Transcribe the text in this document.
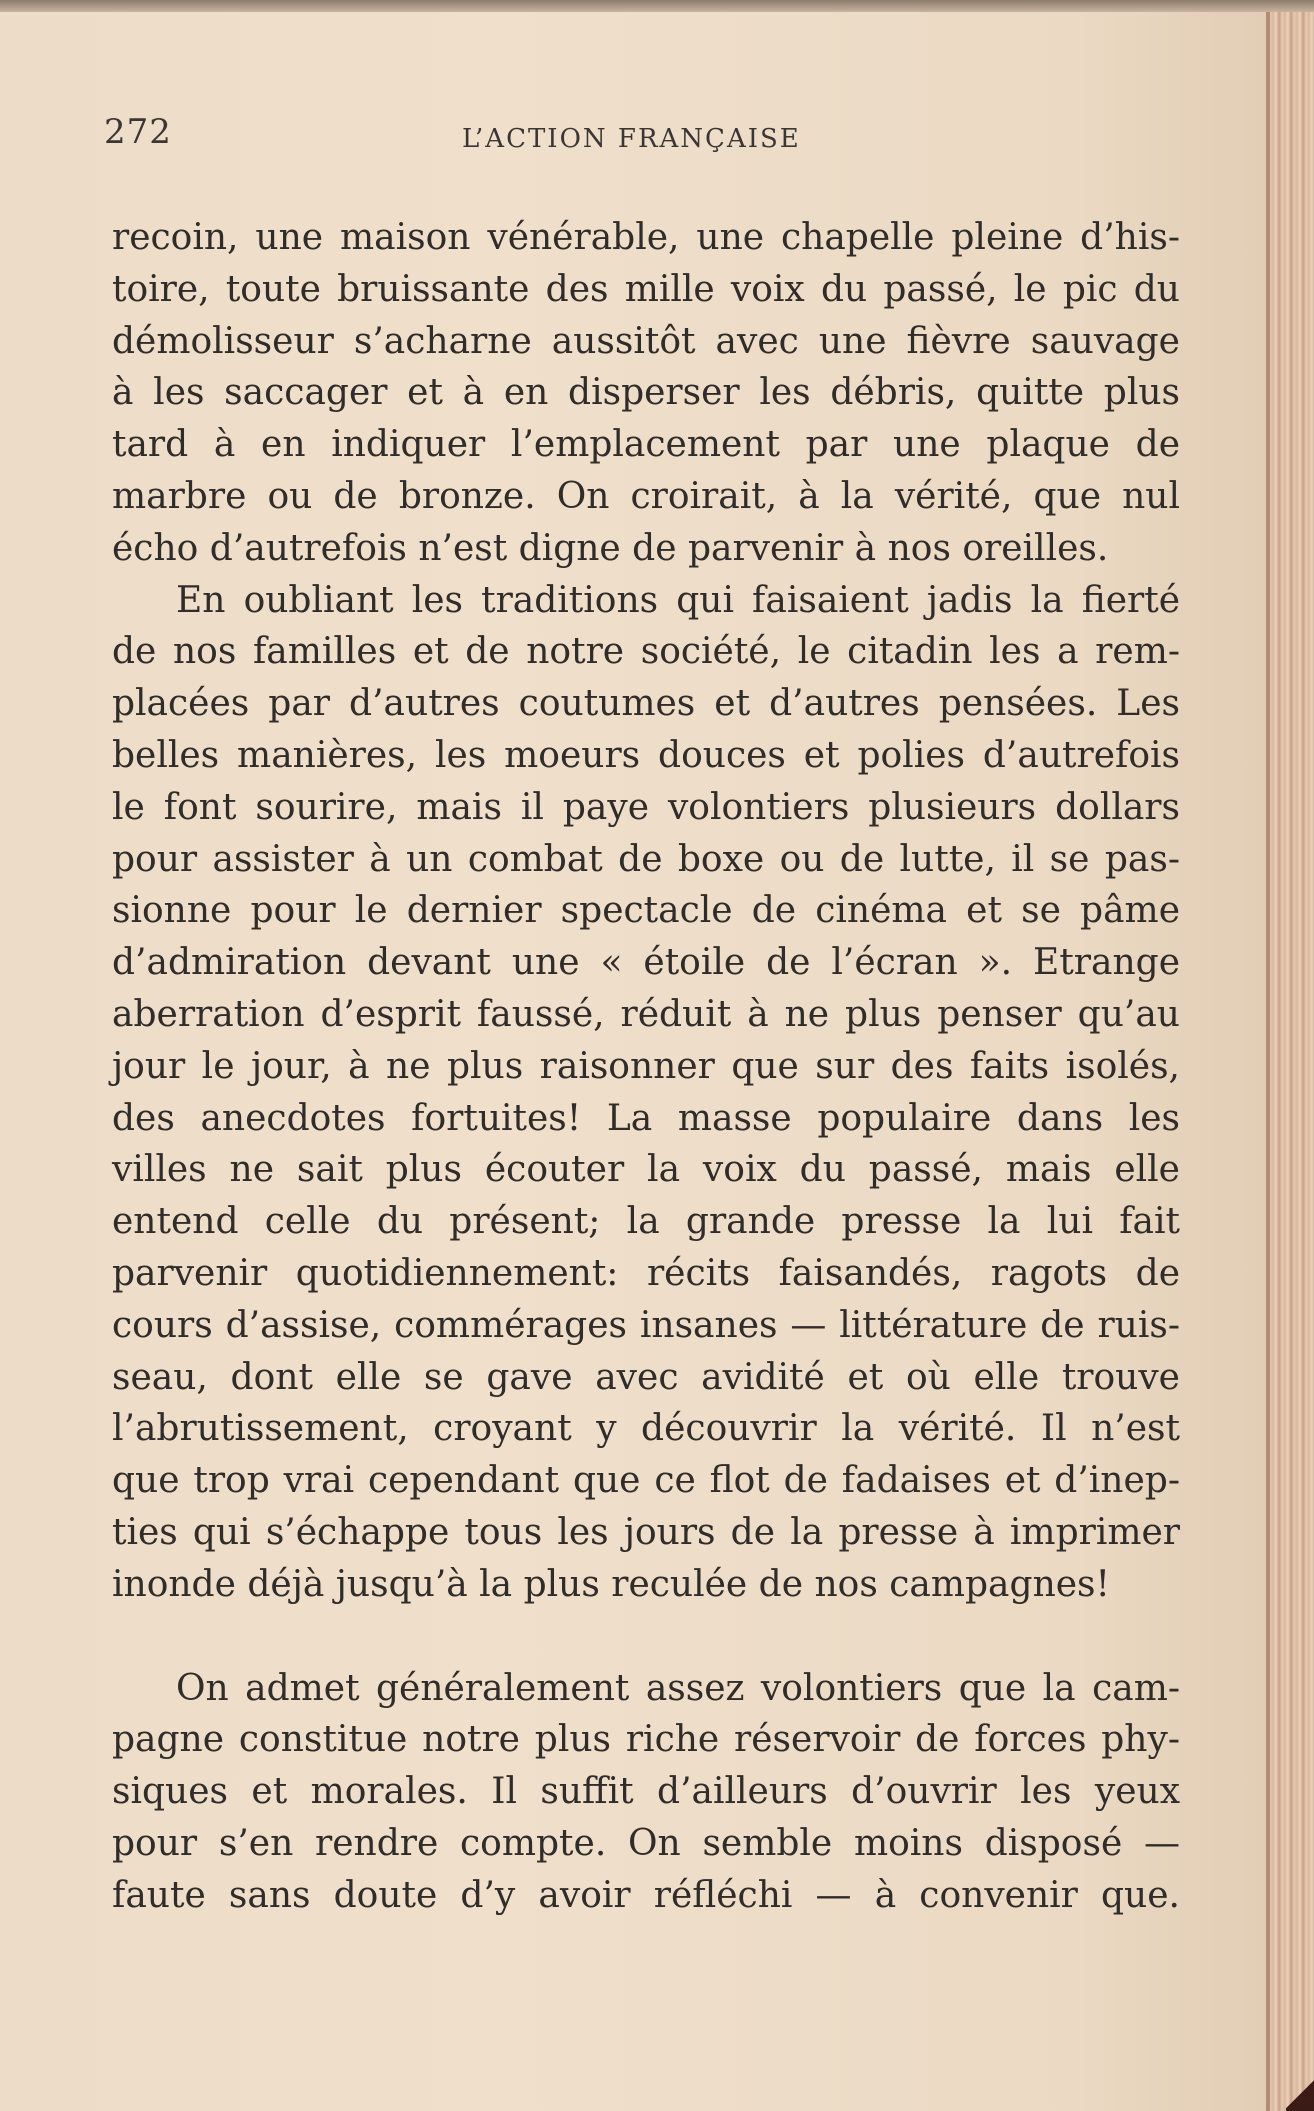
272	L’ACTION FRANÇAISE
recoin, une maison vénérable, une chapelle pleine d’his-
toire, toute bruissante des mille voix du passé, le pic du
démolisseur s’acharne aussitôt avec une fièvre sauvage
à les saccager et à en disperser les débris, quitte plus
tard à en indiquer l’emplacement par une plaque de
marbre ou de bronze. On croirait, à la vérité, que nul
écho d’autrefois n’est digne de parvenir à nos oreilles.
En oubliant les traditions qui faisaient jadis la fierté
de nos familles et de notre société, le citadin les a rem-
placées par d’autres coutumes et d’autres pensées. Les
belles manières, les moeurs douces et polies d’autrefois
le font sourire, mais il paye volontiers plusieurs dollars
pour assister à un combat de boxe ou de lutte, il se pas-
sionne pour le dernier spectacle de cinéma et se pâme
d’admiration devant une « étoile de l’écran ». Etrange
aberration d’esprit faussé, réduit à ne plus penser qu’au
jour le jour, à ne plus raisonner que sur des faits isolés,
des anecdotes fortuites! La masse populaire dans les
villes ne sait plus écouter la voix du passé, mais elle
entend celle du présent; la grande presse la lui fait
parvenir quotidiennement: récits faisandés, ragots de
cours d’assise, commérages insanes — littérature de ruis-
seau, dont elle se gave avec avidité et où elle trouve
l’abrutissement, croyant y découvrir la vérité. Il n’est
que trop vrai cependant que ce flot de fadaises et d’inep-
ties qui s’échappe tous les jours de la presse à imprimer
inonde déjà jusqu’à la plus reculée de nos campagnes!
On admet généralement assez volontiers que la cam-
pagne constitue notre plus riche réservoir de forces phy-
siques et morales. Il suffit d’ailleurs d’ouvrir les yeux
pour s’en rendre compte. On semble moins disposé —
faute sans doute d’y avoir réfléchi — à convenir que.
